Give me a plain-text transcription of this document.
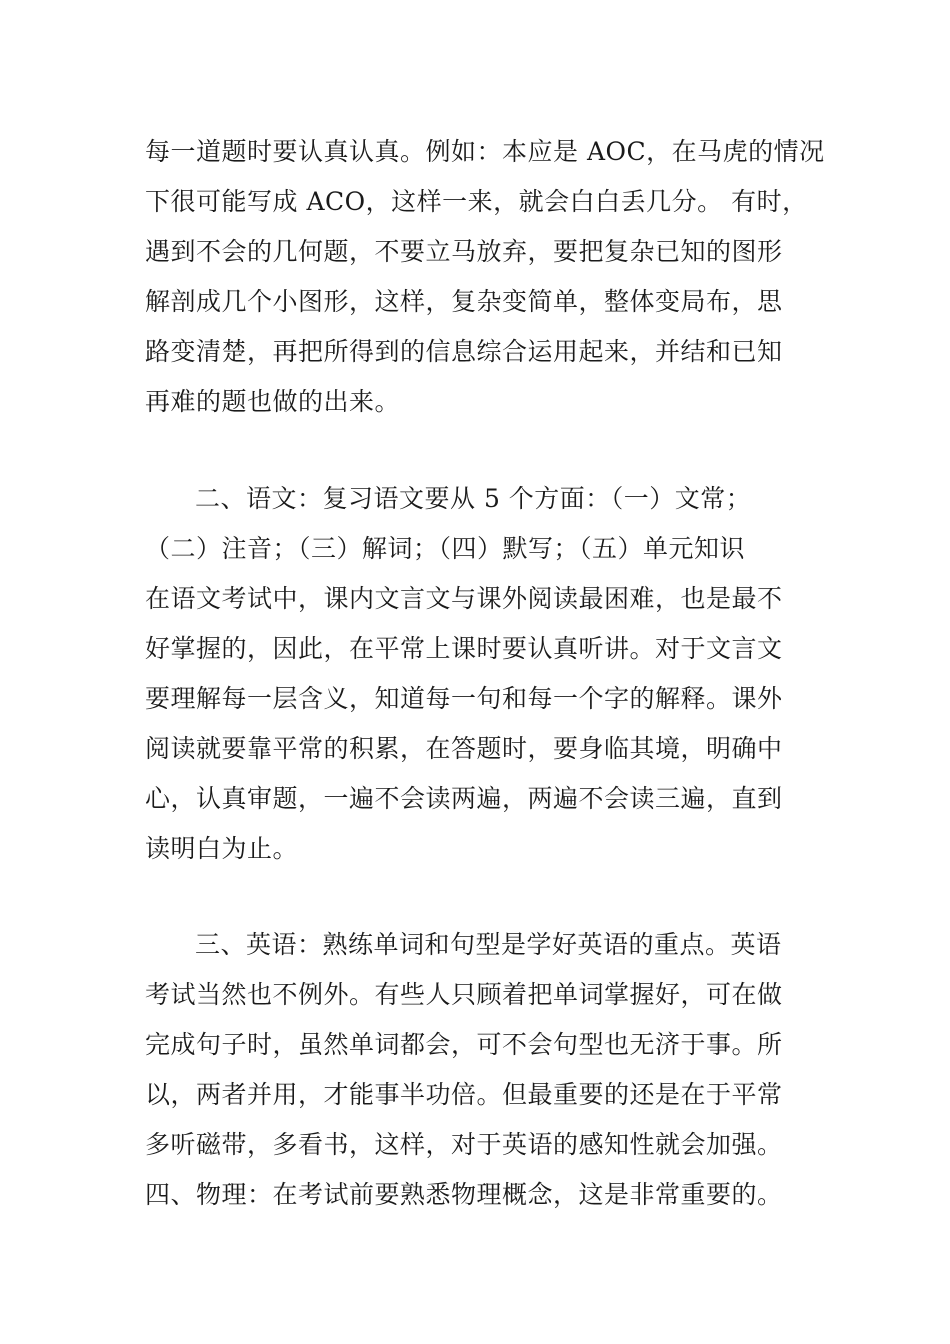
每一道题时要认真认真。例如：本应是 AOC，在马虎的情况
下很可能写成 ACO，这样一来，就会白白丢几分。 有时，
遇到不会的几何题，不要立马放弃，要把复杂已知的图形
解剖成几个小图形，这样，复杂变简单，整体变局布，思
路变清楚，再把所得到的信息综合运用起来，并结和已知
再难的题也做的出来。
二、语文：复习语文要从 5 个方面：（一）文常；
（二）注音；（三）解词；（四）默写；（五）单元知识
在语文考试中，课内文言文与课外阅读最困难，也是最不
好掌握的，因此，在平常上课时要认真听讲。对于文言文
要理解每一层含义，知道每一句和每一个字的解释。课外
阅读就要靠平常的积累，在答题时，要身临其境，明确中
心，认真审题，一遍不会读两遍，两遍不会读三遍，直到
读明白为止。
三、英语：熟练单词和句型是学好英语的重点。英语
考试当然也不例外。有些人只顾着把单词掌握好，可在做
完成句子时，虽然单词都会，可不会句型也无济于事。所
以，两者并用，才能事半功倍。但最重要的还是在于平常
多听磁带，多看书，这样，对于英语的感知性就会加强。
四、物理：在考试前要熟悉物理概念，这是非常重要的。
